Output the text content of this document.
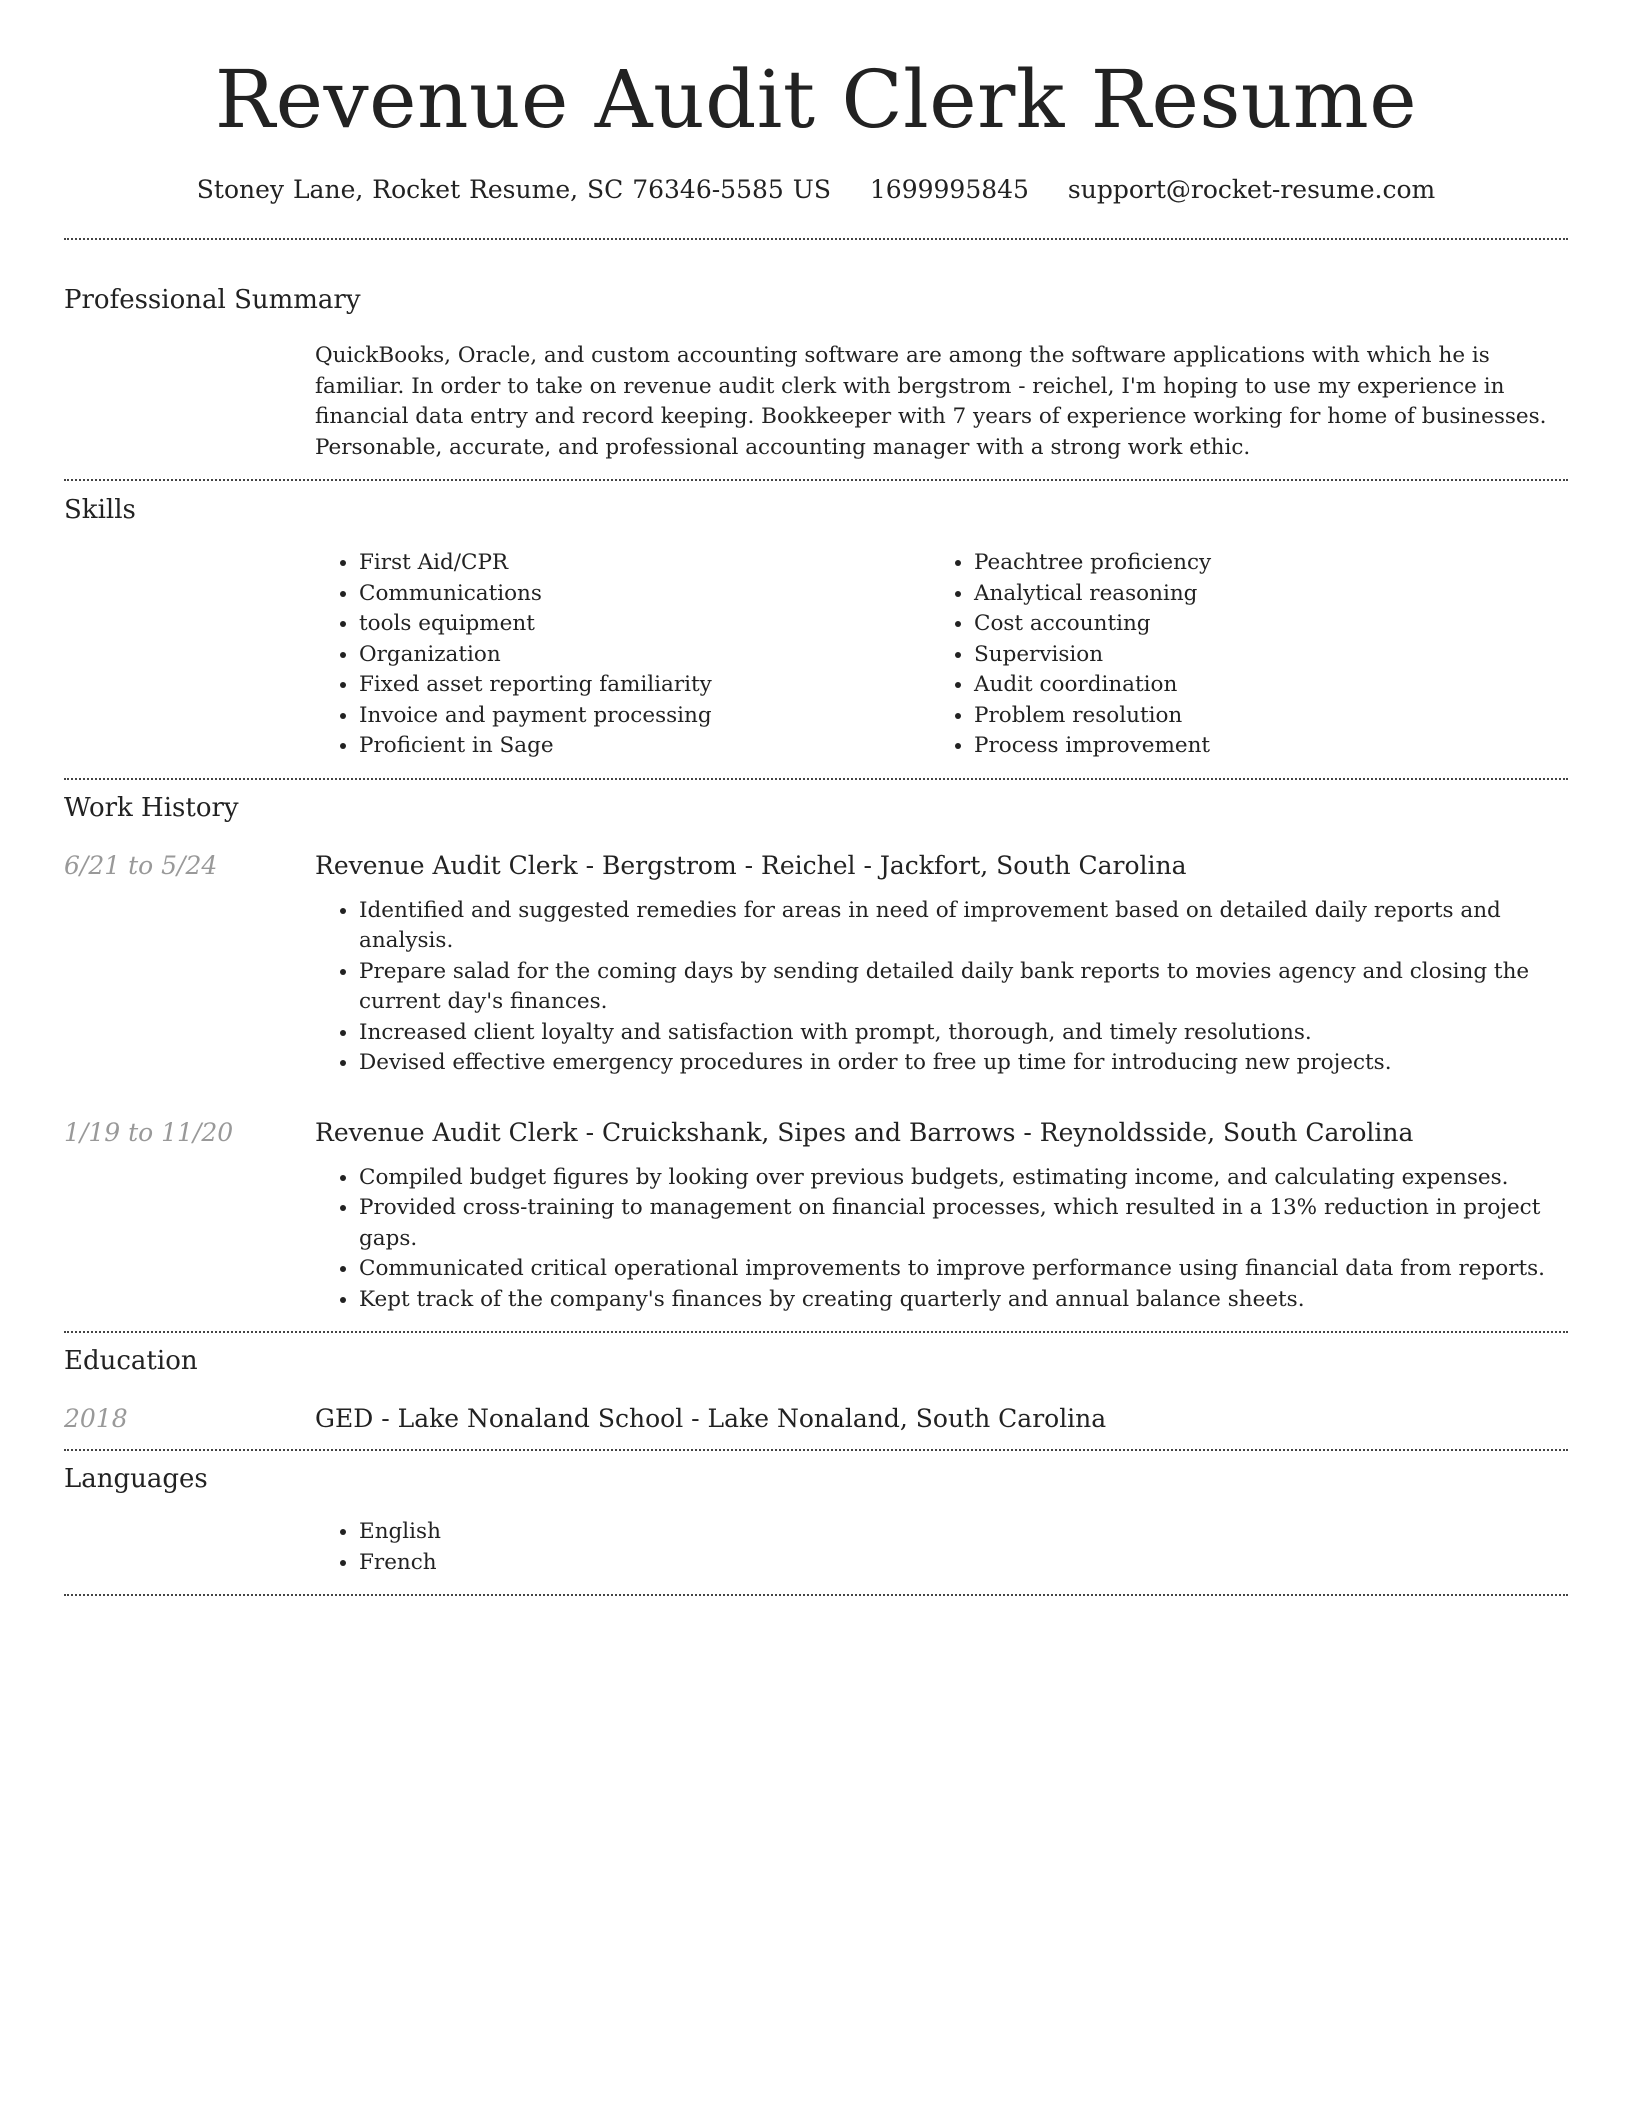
Revenue Audit Clerk Resume
Stoney Lane, Rocket Resume, SC 76346-5585 US 1699995845 support@rocket-resume.com
Professional Summary
QuickBooks, Oracle, and custom accounting software are among the software applications with which he is familiar. In order to take on revenue audit clerk with bergstrom - reichel, I'm hoping to use my experience in financial data entry and record keeping. Bookkeeper with 7 years of experience working for home of businesses. Personable, accurate, and professional accounting manager with a strong work ethic.
Skills
• First Aid/CPR
• Communications
• tools equipment
• Organization
• Fixed asset reporting familiarity
• Invoice and payment processing
• Proficient in Sage
• Peachtree proficiency
• Analytical reasoning
• Cost accounting
• Supervision
• Audit coordination
• Problem resolution
• Process improvement
Work History
6/21 to 5/24	Revenue Audit Clerk - Bergstrom - Reichel - Jackfort, South Carolina
• Identified and suggested remedies for areas in need of improvement based on detailed daily reports and analysis.
• Prepare salad for the coming days by sending detailed daily bank reports to movies agency and closing the current day's finances.
• Increased client loyalty and satisfaction with prompt, thorough, and timely resolutions.
• Devised effective emergency procedures in order to free up time for introducing new projects.
1/19 to 11/20	Revenue Audit Clerk - Cruickshank, Sipes and Barrows - Reynoldsside, South Carolina
• Compiled budget figures by looking over previous budgets, estimating income, and calculating expenses.
• Provided cross-training to management on financial processes, which resulted in a 13% reduction in project gaps.
• Communicated critical operational improvements to improve performance using financial data from reports.
• Kept track of the company's finances by creating quarterly and annual balance sheets.
Education
2018	GED - Lake Nonaland School - Lake Nonaland, South Carolina
Languages
• English
• French
